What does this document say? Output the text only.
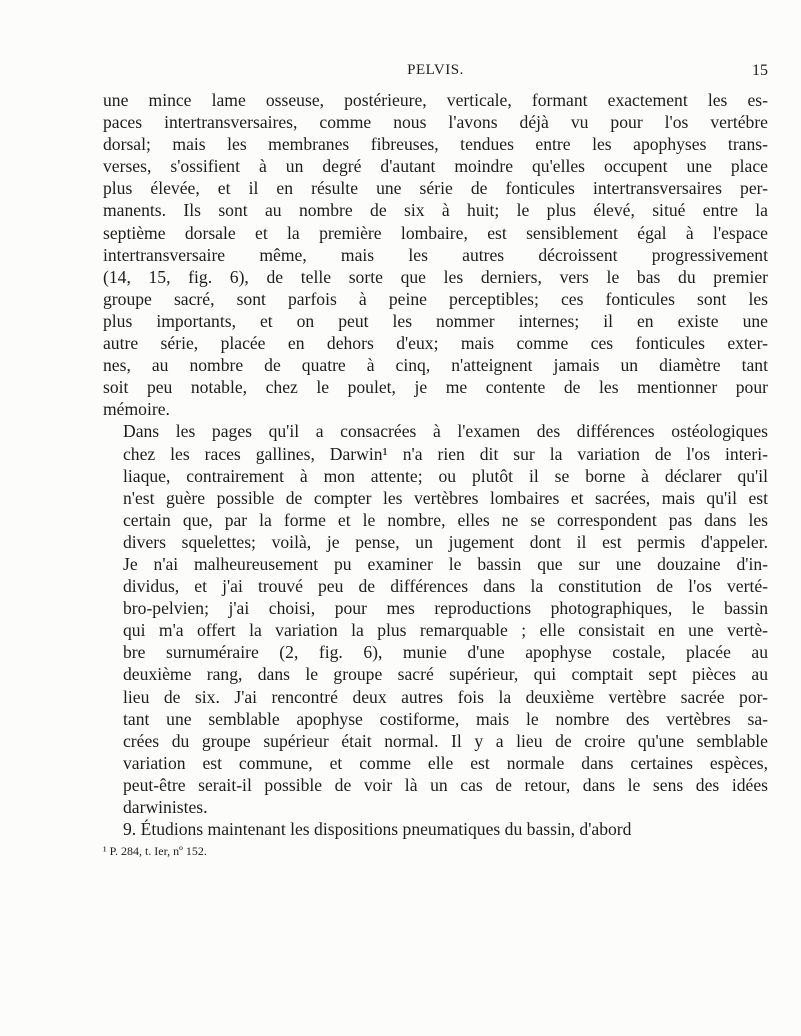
PELVIS.	15

une mince lame osseuse, postérieure, verticale, formant exactement les es-
paces intertransversaires, comme nous l'avons déjà vu pour l'os vertébre
dorsal; mais les membranes fibreuses, tendues entre les apophyses trans-
verses, s'ossifient à un degré d'autant moindre qu'elles occupent une place
plus élevée, et il en résulte une série de fonticules intertransversaires per-
manents. Ils sont au nombre de six à huit; le plus élevé, situé entre la
septième dorsale et la première lombaire, est sensiblement égal à l'espace
intertransversaire même, mais les autres décroissent progressivement
(14, 15, fig. 6), de telle sorte que les derniers, vers le bas du premier
groupe sacré, sont parfois à peine perceptibles; ces fonticules sont les
plus importants, et on peut les nommer internes; il en existe une
autre série, placée en dehors d'eux; mais comme ces fonticules exter-
nes, au nombre de quatre à cinq, n'atteignent jamais un diamètre tant
soit peu notable, chez le poulet, je me contente de les mentionner pour
mémoire.

Dans les pages qu'il a consacrées à l'examen des différences ostéologiques
chez les races gallines, Darwin¹ n'a rien dit sur la variation de l'os interi-
liaque, contrairement à mon attente; ou plutôt il se borne à déclarer qu'il
n'est guère possible de compter les vertèbres lombaires et sacrées, mais qu'il est
certain que, par la forme et le nombre, elles ne se correspondent pas dans les
divers squelettes; voilà, je pense, un jugement dont il est permis d'appeler.
Je n'ai malheureusement pu examiner le bassin que sur une douzaine d'in-
dividus, et j'ai trouvé peu de différences dans la constitution de l'os verté-
bro-pelvien; j'ai choisi, pour mes reproductions photographiques, le bassin
qui m'a offert la variation la plus remarquable ; elle consistait en une vertè-
bre surnuméraire (2, fig. 6), munie d'une apophyse costale, placée au
deuxième rang, dans le groupe sacré supérieur, qui comptait sept pièces au
lieu de six. J'ai rencontré deux autres fois la deuxième vertèbre sacrée por-
tant une semblable apophyse costiforme, mais le nombre des vertèbres sa-
crées du groupe supérieur était normal. Il y a lieu de croire qu'une semblable
variation est commune, et comme elle est normale dans certaines espèces,
peut-être serait-il possible de voir là un cas de retour, dans le sens des idées
darwinistes.

9. Étudions maintenant les dispositions pneumatiques du bassin, d'abord

¹ P. 284, t. Ier, nº 152.
